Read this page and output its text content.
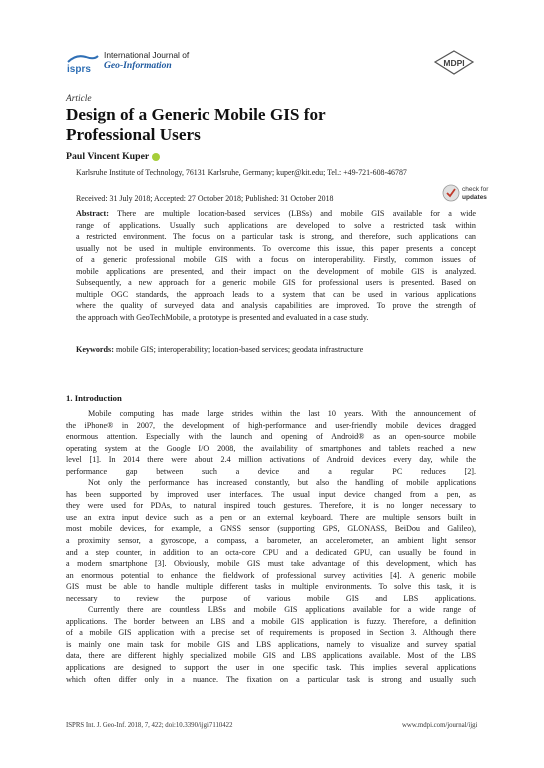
isprs
International Journal of
Geo-Information	MDPI
Article
Design of a Generic Mobile GIS for
Professional Users
Paul Vincent Kuper
Karlsruhe Institute of Technology, 76131 Karlsruhe, Germany; kuper@kit.edu; Tel.: +49-721-608-46787
Received: 31 July 2018; Accepted: 27 October 2018; Published: 31 October 2018
check for
updates
Abstract: There are multiple location-based services (LBSs) and mobile GIS available for a wide
range of applications. Usually such applications are developed to solve a restricted task within
a restricted environment. The focus on a particular task is strong, and therefore, such applications can
usually not be used in multiple environments. To overcome this issue, this paper presents a concept
of a generic professional mobile GIS with a focus on interoperability. Firstly, common issues of
mobile applications are presented, and their impact on the development of mobile GIS is analyzed.
Subsequently, a new approach for a generic mobile GIS for professional users is presented. Based on
multiple OGC standards, the approach leads to a system that can be used in various applications
where the quality of surveyed data and analysis capabilities are improved. To prove the strength of
the approach with GeoTechMobile, a prototype is presented and evaluated in a case study.
Keywords: mobile GIS; interoperability; location-based services; geodata infrastructure
1. Introduction
Mobile computing has made large strides within the last 10 years. With the announcement of
the iPhone® in 2007, the development of high-performance and user-friendly mobile devices dragged
enormous attention. Especially with the launch and opening of Android® as an open-source mobile
operating system at the Google I/O 2008, the availability of smartphones and tablets reached a new
level [1]. In 2014 there were about 2.4 million activations of Android devices every day, while the
performance gap between such a device and a regular PC reduces [2].
Not only the performance has increased constantly, but also the handling of mobile applications
has been supported by improved user interfaces. The usual input device changed from a pen, as
they were used for PDAs, to natural inspired touch gestures. Therefore, it is no longer necessary to
use an extra input device such as a pen or an external keyboard. There are multiple sensors built in
most mobile devices, for example, a GNSS sensor (supporting GPS, GLONASS, BeiDou and Galileo),
a proximity sensor, a gyroscope, a compass, a barometer, an accelerometer, an ambient light sensor
and a step counter, in addition to an octa-core CPU and a dedicated GPU, can usually be found in
a modern smartphone [3]. Obviously, mobile GIS must take advantage of this development, which has
an enormous potential to enhance the fieldwork of professional survey activities [4]. A generic mobile
GIS must be able to handle multiple different tasks in multiple environments. To solve this task, it is
necessary to review the purpose of various mobile GIS and LBS applications.
Currently there are countless LBSs and mobile GIS applications available for a wide range of
applications. The border between an LBS and a mobile GIS application is fuzzy. Therefore, a definition
of a mobile GIS application with a precise set of requirements is proposed in Section 3. Although there
is mainly one main task for mobile GIS and LBS applications, namely to visualize and survey spatial
data, there are different highly specialized mobile GIS and LBS applications available. Most of the LBS
applications are designed to support the user in one specific task. This implies several applications
which often differ only in a nuance. The fixation on a particular task is strong and usually such
ISPRS Int. J. Geo-Inf. 2018, 7, 422; doi:10.3390/ijgi7110422	www.mdpi.com/journal/ijgi
